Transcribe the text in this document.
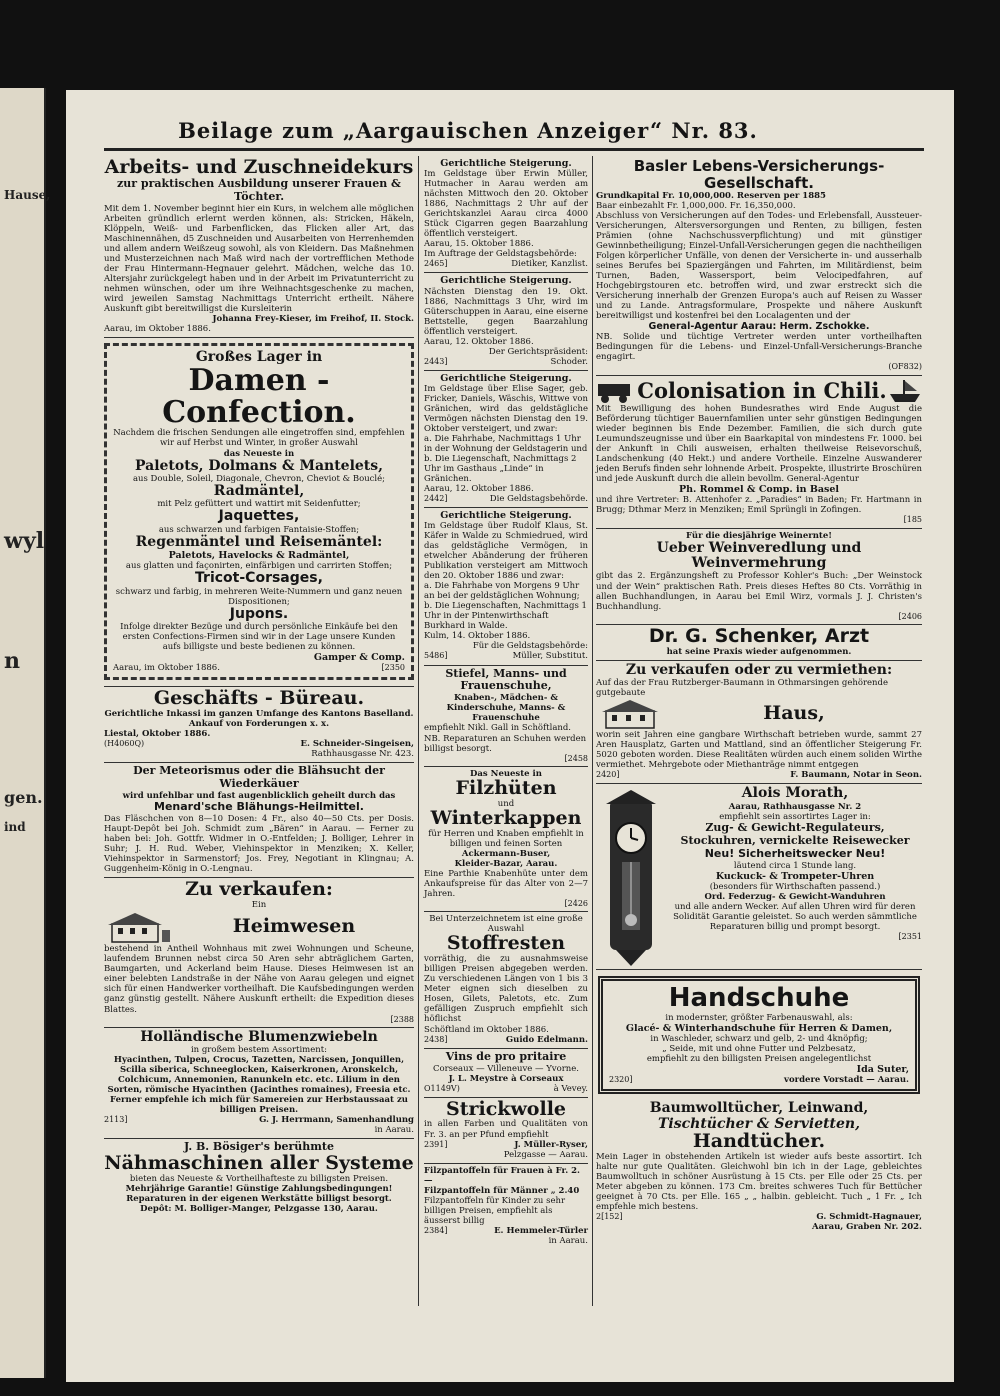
Hause,
wyl
n
gen.
ind
Beilage zum „Aargauischen Anzeiger“ Nr. 83.
Arbeits- und Zuschneidekurs
zur praktischen Ausbildung unserer Frauen & Töchter.
Mit dem 1. November beginnt hier ein Kurs, in welchem alle möglichen Arbeiten gründlich erlernt werden können, als: Stricken, Häkeln, Klöppeln, Weiß- und Farbenflicken, das Flicken aller Art, das Maschinennähen, d5 Zuschneiden und Ausarbeiten von Herrenhemden und allem andern Weißzeug sowohl, als von Kleidern. Das Maßnehmen und Musterzeichnen nach Maß wird nach der vortrefflichen Methode der Frau Hintermann-Hegnauer gelehrt. Mädchen, welche das 10. Altersjahr zurückgelegt haben und in der Arbeit im Privatunterricht zu nehmen wünschen, oder um ihre Weihnachtsgeschenke zu machen, wird jeweilen Samstag Nachmittags Unterricht ertheilt. Nähere Auskunft gibt bereitwilligst die Kursleiterin
Johanna Frey-Kieser, im Freihof, II. Stock.
Aarau, im Oktober 1886.
Großes Lager in
Damen - Confection.
Nachdem die frischen Sendungen alle eingetroffen sind, empfehlen wir auf Herbst und Winter, in großer Auswahl
das Neueste in
Paletots, Dolmans & Mantelets,
aus Double, Soleil, Diagonale, Chevron, Cheviot & Bouclé;
Radmäntel,
mit Pelz gefüttert und wattirt mit Seidenfutter;
Jaquettes,
aus schwarzen und farbigen Fantaisie-Stoffen;
Regenmäntel und Reisemäntel:
Paletots, Havelocks & Radmäntel,
aus glatten und façonirten, einfärbigen und carrirten Stoffen;
Tricot-Corsages,
schwarz und farbig, in mehreren Weite-Nummern und ganz neuen Dispositionen;
Jupons.
Infolge direkter Bezüge und durch persönliche Einkäufe bei den ersten Confections-Firmen sind wir in der Lage unsere Kunden aufs billigste und beste bedienen zu können.
Gamper & Comp.
Aarau, im Oktober 1886.	[2350
Geschäfts - Büreau.
Gerichtliche Inkassi im ganzen Umfange des Kantons Baselland.
Ankauf von Forderungen x. x.
Liestal, Oktober 1886.
(H4060Q)	E. Schneider-Singeisen,
Rathhausgasse Nr. 423.
Der Meteorismus oder die Blähsucht der Wiederkäuer
wird unfehlbar und fast augenblicklich geheilt durch das
Menard'sche Blähungs-Heilmittel.
Das Fläschchen von 8—10 Dosen: 4 Fr., also 40—50 Cts. per Dosis. Haupt-Depôt bei Joh. Schmidt zum „Bären“ in Aarau. — Ferner zu haben bei: Joh. Gottfr. Widmer in O.-Entfelden; J. Bolliger, Lehrer in Suhr; J. H. Rud. Weber, Viehinspektor in Menziken; X. Keller, Viehinspektor in Sarmenstorf; Jos. Frey, Negotiant in Klingnau; A. Guggenheim-König in O.-Lengnau.
Zu verkaufen:
Ein
Heimwesen
bestehend in Antheil Wohnhaus mit zwei Wohnungen und Scheune, laufendem Brunnen nebst circa 50 Aren sehr abträglichem Garten, Baumgarten, und Ackerland beim Hause. Dieses Heimwesen ist an einer belebten Landstraße in der Nähe von Aarau gelegen und eignet sich für einen Handwerker vortheilhaft. Die Kaufsbedingungen werden ganz günstig gestellt. Nähere Auskunft ertheilt: die Expedition dieses Blattes.
[2388
Holländische Blumenzwiebeln
in großem bestem Assortiment:
Hyacinthen, Tulpen, Crocus, Tazetten, Narcissen, Jonquillen, Scilla siberica, Schneeglocken, Kaiserkronen, Aronskelch, Colchicum, Annemonien, Ranunkeln etc. etc. Lilium in den Sorten, römische Hyacinthen (Jacinthes romaines), Freesia etc. Ferner empfehle ich mich für Samereien zur Herbstaussaat zu billigen Preisen.
2113]	G. J. Herrmann, Samenhandlung
in Aarau.
J. B. Bösiger's berühmte
Nähmaschinen aller Systeme
bieten das Neueste & Vortheilhafteste zu billigsten Preisen.
Mehrjährige Garantie! Günstige Zahlungsbedingungen!
Reparaturen in der eigenen Werkstätte billigst besorgt.
Depôt: M. Bolliger-Manger, Pelzgasse 130, Aarau.
Gerichtliche Steigerung.
Im Geldstage über Erwin Müller, Hutmacher in Aarau werden am nächsten Mittwoch den 20. Oktober 1886, Nachmittags 2 Uhr auf der Gerichtskanzlei Aarau circa 4000 Stück Cigarren gegen Baarzahlung öffentlich versteigert.
Aarau, 15. Oktober 1886.
Im Auftrage der Geldstagsbehörde:
2465]	Dietiker, Kanzlist.
Gerichtliche Steigerung.
Nächsten Dienstag den 19. Okt. 1886, Nachmittags 3 Uhr, wird im Güterschuppen in Aarau, eine eiserne Bettstelle, gegen Baarzahlung öffentlich versteigert.
Aarau, 12. Oktober 1886.
Der Gerichtspräsident:
2443]	Schoder.
Gerichtliche Steigerung.
Im Geldstage über Elise Sager, geb. Fricker, Daniels, Wäschis, Wittwe von Gränichen, wird das geldstägliche Vermögen nächsten Dienstag den 19. Oktober versteigert, und zwar:
a. Die Fahrhabe, Nachmittags 1 Uhr in der Wohnung der Geldstagerin und
b. Die Liegenschaft, Nachmittags 2 Uhr im Gasthaus „Linde“ in Gränichen.
Aarau, 12. Oktober 1886.
2442]	Die Geldstagsbehörde.
Gerichtliche Steigerung.
Im Geldstage über Rudolf Klaus, St. Käfer in Walde zu Schmiedrued, wird das geldstägliche Vermögen, in etwelcher Abänderung der früheren Publikation versteigert am Mittwoch den 20. Oktober 1886 und zwar:
a. Die Fahrhabe von Morgens 9 Uhr an bei der geldstäglichen Wohnung;
b. Die Liegenschaften, Nachmittags 1 Uhr in der Pintenwirthschaft Burkhard in Walde.
Kulm, 14. Oktober 1886.
Für die Geldstagsbehörde:
5486]	Müller, Substitut.
Stiefel, Manns- und Frauenschuhe,
Knaben-, Mädchen- & Kinderschuhe, Manns- & Frauenschuhe
empfiehlt Nikl. Gall in Schöftland.
NB. Reparaturen an Schuhen werden billigst besorgt.
[2458
Das Neueste in
Filzhüten
und
Winterkappen
für Herren und Knaben empfiehlt in billigen und feinen Sorten
Ackermann-Buser,
Kleider-Bazar, Aarau.
Eine Parthie Knabenhüte unter dem Ankaufspreise für das Alter von 2—7 Jahren.
[2426
Bei Unterzeichnetem ist eine große Auswahl
Stoffresten
vorräthig, die zu ausnahmsweise billigen Preisen abgegeben werden. Zu verschiedenen Längen von 1 bis 3 Meter eignen sich dieselben zu Hosen, Gilets, Paletots, etc. Zum gefälligen Zuspruch empfiehlt sich höflichst
Schöftland im Oktober 1886.
2438]	Guido Edelmann.
Vins de pro pritaire
Corseaux — Villeneuve — Yvorne.
J. L. Meystre à Corseaux
O1149V)	à Vevey.
Strickwolle
in allen Farben und Qualitäten von Fr. 3. an per Pfund empfiehlt
2391]	J. Müller-Ryser,
Pelzgasse — Aarau.
Filzpantoffeln für Frauen à Fr. 2.—
Filzpantoffeln für Männer „ 2.40
Filzpantoffeln für Kinder zu sehr billigen Preisen, empfiehlt als äusserst billig
2384]	E. Hemmeler-Türler
in Aarau.
Basler Lebens-Versicherungs-Gesellschaft.
Grundkapital Fr. 10,000,000. Reserven per 1885
Baar einbezahlt Fr. 1,000,000. Fr. 16,350,000.
Abschluss von Versicherungen auf den Todes- und Erlebensfall, Aussteuer-Versicherungen, Altersversorgungen und Renten, zu billigen, festen Prämien (ohne Nachschussverpflichtung) und mit günstiger Gewinnbetheiligung; Einzel-Unfall-Versicherungen gegen die nachtheiligen Folgen körperlicher Unfälle, von denen der Versicherte in- und ausserhalb seines Berufes bei Spaziergängen und Fahrten, im Militärdienst, beim Turnen, Baden, Wassersport, beim Velocipedfahren, auf Hochgebirgstouren etc. betroffen wird, und zwar erstreckt sich die Versicherung innerhalb der Grenzen Europa's auch auf Reisen zu Wasser und zu Lande. Antragsformulare, Prospekte und nähere Auskunft bereitwilligst und kostenfrei bei den Localagenten und der
General-Agentur Aarau: Herm. Zschokke.
NB. Solide und tüchtige Vertreter werden unter vortheilhaften Bedingungen für die Lebens- und Einzel-Unfall-Versicherungs-Branche engagirt.
(OF832)
Colonisation in Chili.
Mit Bewilligung des hohen Bundesrathes wird Ende August die Beförderung tüchtiger Bauernfamilien unter sehr günstigen Bedingungen wieder beginnen bis Ende Dezember. Familien, die sich durch gute Leumundszeugnisse und über ein Baarkapital von mindestens Fr. 1000. bei der Ankunft in Chili ausweisen, erhalten theilweise Reisevorschuß, Landschenkung (40 Hekt.) und andere Vortheile. Einzelne Auswanderer jeden Berufs finden sehr lohnende Arbeit. Prospekte, illustrirte Broschüren und jede Auskunft durch die allein bevollm. General-Agentur
Ph. Rommel & Comp. in Basel
und ihre Vertreter: B. Attenhofer z. „Paradies“ in Baden; Fr. Hartmann in Brugg; Dthmar Merz in Menziken; Emil Sprüngli in Zofingen.
[185
Für die diesjährige Weinernte!
Ueber Weinveredlung und Weinvermehrung
gibt das 2. Ergänzungsheft zu Professor Kohler's Buch: „Der Weinstock und der Wein“ praktischen Rath. Preis dieses Heftes 80 Cts. Vorräthig in allen Buchhandlungen, in Aarau bei Emil Wirz, vormals J. J. Christen's Buchhandlung.
[2406
Dr. G. Schenker, Arzt
hat seine Praxis wieder aufgenommen.
Zu verkaufen oder zu vermiethen:
Auf das der Frau Rutzberger-Baumann in Othmarsingen gehörende gutgebaute
Haus,
worin seit Jahren eine gangbare Wirthschaft betrieben wurde, sammt 27 Aren Hausplatz, Garten und Mattland, sind an öffentlicher Steigerung Fr. 5020 geboten worden. Diese Realitäten würden auch einem soliden Wirthe vermiethet. Mehrgebote oder Miethanträge nimmt entgegen
2420]	F. Baumann, Notar in Seon.
Alois Morath,
Aarau, Rathhausgasse Nr. 2
empfiehlt sein assortirtes Lager in:
Zug- & Gewicht-Regulateurs,
Stockuhren, vernickelte Reisewecker
Neu! Sicherheitswecker Neu!
läutend circa 1 Stunde lang.
Kuckuck- & Trompeter-Uhren
(besonders für Wirthschaften passend.)
Ord. Federzug- & Gewicht-Wanduhren
und alle andern Wecker. Auf allen Uhren wird für deren Solidität Garantie geleistet. So auch werden sämmtliche Reparaturen billig und prompt besorgt.
[2351
Handschuhe
in modernster, größter Farbenauswahl, als:
Glacé- & Winterhandschuhe für Herren & Damen,
in Waschleder, schwarz und gelb, 2- und 4knöpfig;
„ Seide, mit und ohne Futter und Pelzbesatz,
empfiehlt zu den billigsten Preisen angelegentlichst
Ida Suter,
2320]	vordere Vorstadt — Aarau.
Baumwolltücher, Leinwand,
Tischtücher & Servietten,
Handtücher.
Mein Lager in obstehenden Artikeln ist wieder aufs beste assortirt. Ich halte nur gute Qualitäten. Gleichwohl bin ich in der Lage, gebleichtes Baumwolltuch in schöner Ausrüstung à 15 Cts. per Elle oder 25 Cts. per Meter abgeben zu können. 173 Cm. breites schweres Tuch für Bettücher geeignet à 70 Cts. per Elle. 165 „ „ halbin. gebleicht. Tuch „ 1 Fr. „ Ich empfehle mich bestens.
2[152]	G. Schmidt-Hagnauer,
Aarau, Graben Nr. 202.
